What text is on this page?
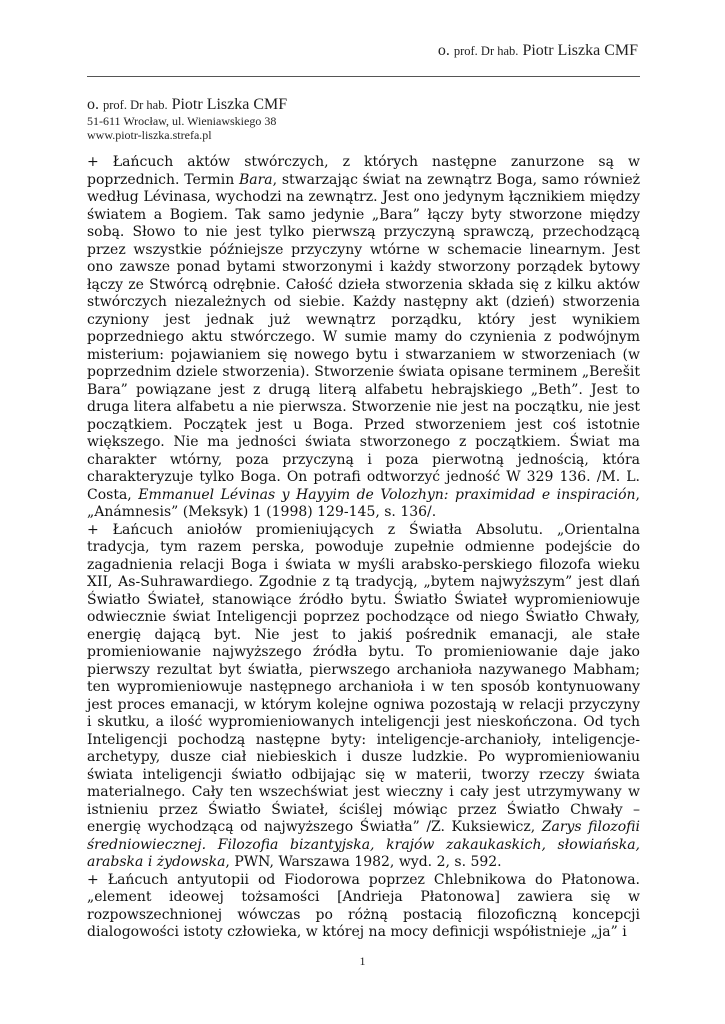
o. prof. Dr hab. Piotr Liszka CMF
o. prof. Dr hab. Piotr Liszka CMF
51-611 Wrocław, ul. Wieniawskiego 38
www.piotr-liszka.strefa.pl

+ Łańcuch aktów stwórczych, z których następne zanurzone są w poprzednich. Termin Bara, stwarzając świat na zewnątrz Boga, samo również według Lévinasa, wychodzi na zewnątrz. Jest ono jedynym łącznikiem między światem a Bogiem. Tak samo jedynie „Bara” łączy byty stworzone między sobą. Słowo to nie jest tylko pierwszą przyczyną sprawczą, przechodzącą przez wszystkie późniejsze przyczyny wtórne w schemacie linearnym. Jest ono zawsze ponad bytami stworzonymi i każdy stworzony porządek bytowy łączy ze Stwórcą odrębnie. Całość dzieła stworzenia składa się z kilku aktów stwórczych niezależnych od siebie. Każdy następny akt (dzień) stworzenia czyniony jest jednak już wewnątrz porządku, który jest wynikiem poprzedniego aktu stwórczego. W sumie mamy do czynienia z podwójnym misterium: pojawianiem się nowego bytu i stwarzaniem w stworzeniach (w poprzednim dziele stworzenia). Stworzenie świata opisane terminem „Berešit Bara” powiązane jest z drugą literą alfabetu hebrajskiego „Beth”. Jest to druga litera alfabetu a nie pierwsza. Stworzenie nie jest na początku, nie jest początkiem. Początek jest u Boga. Przed stworzeniem jest coś istotnie większego. Nie ma jedności świata stworzonego z początkiem. Świat ma charakter wtórny, poza przyczyną i poza pierwotną jednością, która charakteryzuje tylko Boga. On potrafi odtworzyć jedność W 329 136. /M. L. Costa, Emmanuel Lévinas y Hayyim de Volozhyn: praximidad e inspiración, „Anámnesis” (Meksyk) 1 (1998) 129-145, s. 136/.

+ Łańcuch aniołów promieniujących z Światła Absolutu. „Orientalna tradycja, tym razem perska, powoduje zupełnie odmienne podejście do zagadnienia relacji Boga i świata w myśli arabsko-perskiego filozofa wieku XII, As-Suhrawardiego. Zgodnie z tą tradycją, „bytem najwyższym” jest dlań Światło Świateł, stanowiące źródło bytu. Światło Świateł wypromieniowuje odwiecznie świat Inteligencji poprzez pochodzące od niego Światło Chwały, energię dającą byt. Nie jest to jakiś pośrednik emanacji, ale stałe promieniowanie najwyższego źródła bytu. To promieniowanie daje jako pierwszy rezultat byt światła, pierwszego archanioła nazywanego Mabham; ten wypromieniowuje następnego archanioła i w ten sposób kontynuowany jest proces emanacji, w którym kolejne ogniwa pozostają w relacji przyczyny i skutku, a ilość wypromieniowanych inteligencji jest nieskończona. Od tych Inteligencji pochodzą następne byty: inteligencje-archanioły, inteligencje-archetypy, dusze ciał niebieskich i dusze ludzkie. Po wypromieniowaniu świata inteligencji światło odbijając się w materii, tworzy rzeczy świata materialnego. Cały ten wszechświat jest wieczny i cały jest utrzymywany w istnieniu przez Światło Świateł, ściślej mówiąc przez Światło Chwały – energię wychodzącą od najwyższego Światła” /Z. Kuksiewicz, Zarys filozofii średniowiecznej. Filozofia bizantyjska, krajów zakaukaskich, słowiańska, arabska i żydowska, PWN, Warszawa 1982, wyd. 2, s. 592.

+ Łańcuch antyutopii od Fiodorowa poprzez Chlebnikowa do Płatonowa. „element ideowej tożsamości [Andrieja Płatonowa] zawiera się w rozpowszechnionej wówczas po różną postacią filozoficzną koncepcji dialogowości istoty człowieka, w której na mocy definicji współistnieje „ja” i

1
